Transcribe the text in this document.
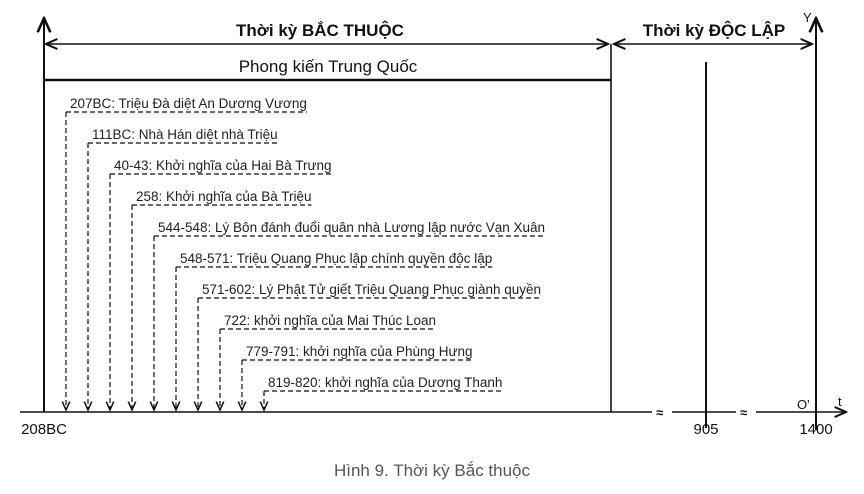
Y
Thời kỳ BẮC THUỘC	Thời kỳ ĐỘC LẬP
Phong kiến Trung Quốc
207BC: Triệu Đà diệt An Dương Vương
111BC: Nhà Hán diệt nhà Triệu
40-43: Khởi nghĩa của Hai Bà Trưng
258: Khởi nghĩa của Bà Triệu
544-548: Lý Bôn đánh đuổi quân nhà Lương lập nước Vạn Xuân
548-571: Triệu Quang Phục lập chính quyền độc lập
571-602: Lý Phật Tử giết Triệu Quang Phục giành quyền
722: khởi nghĩa của Mai Thúc Loan
779-791: khởi nghĩa của Phùng Hưng
819-820: khởi nghĩa của Dương Thanh
≈	≈
t
O'
208BC	905	1400
Hình 9. Thời kỳ Bắc thuộc
